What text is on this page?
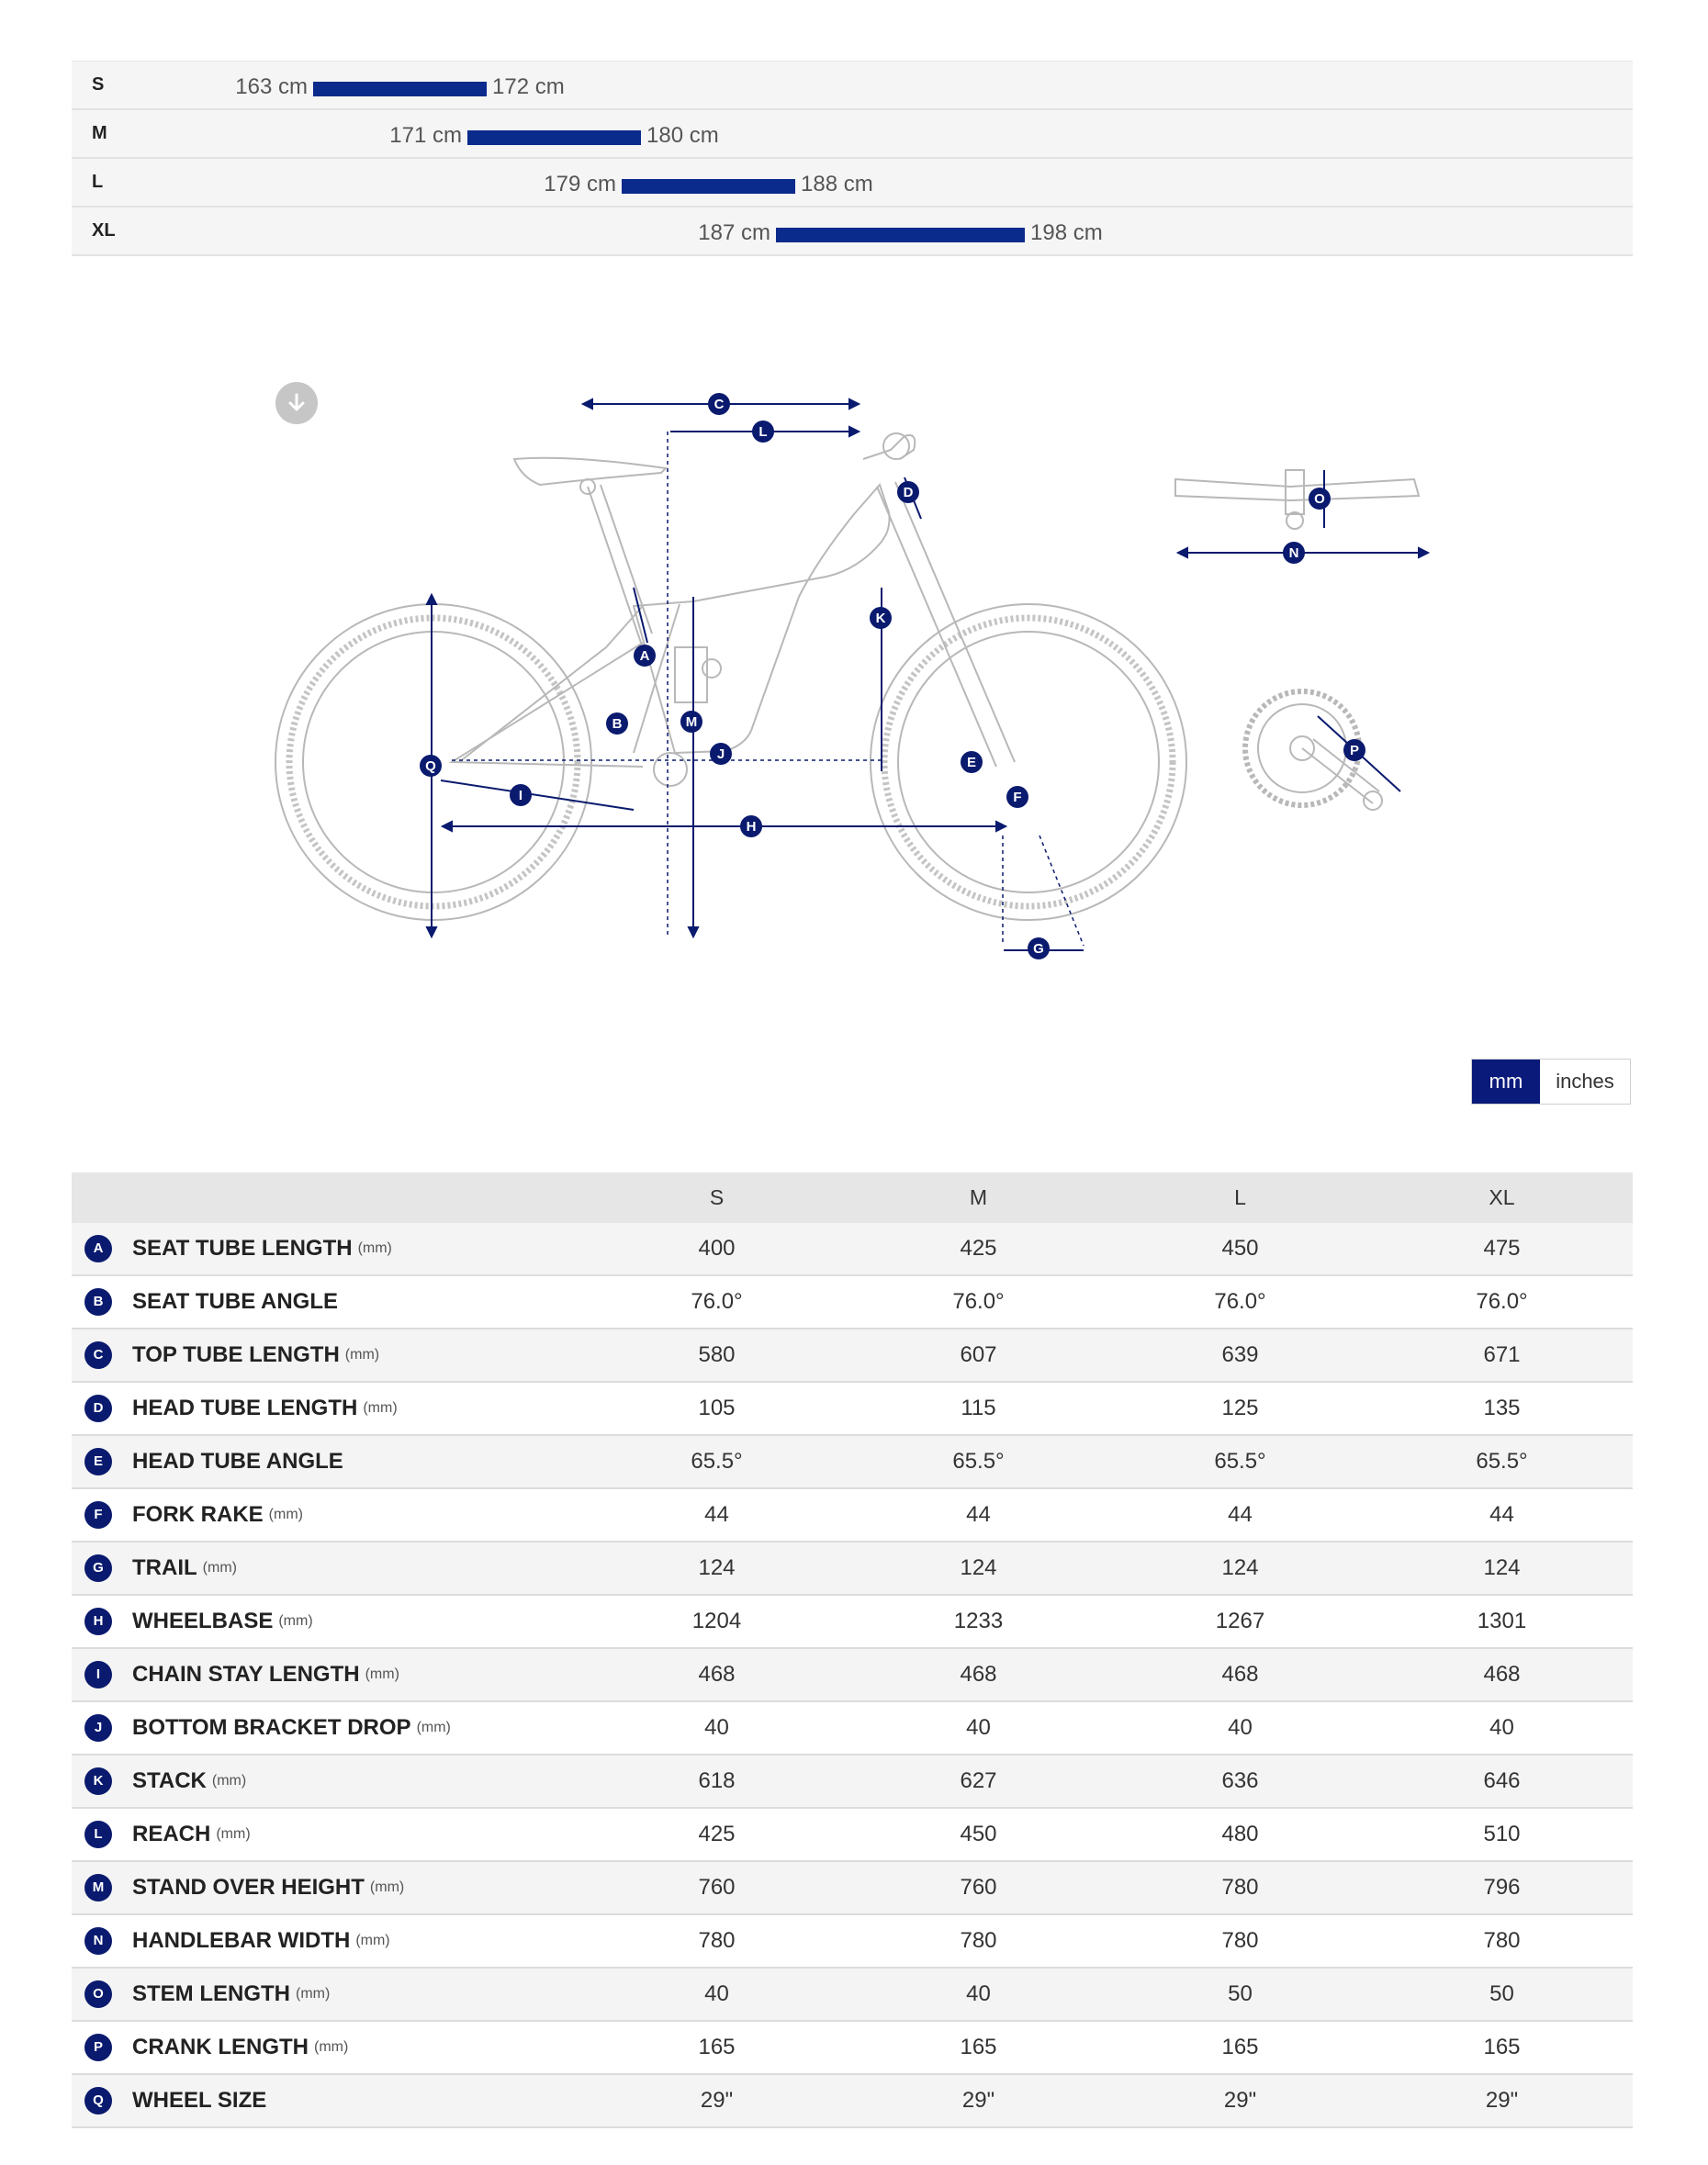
S	163 cm	172 cm
M	171 cm	180 cm
L	179 cm	188 cm
XL	187 cm	198 cm
A
B
C
D
E
F
G
H
I
J
K
L
M
N
O
P
Q
mm	inches
	S	M	L	XL
A SEAT TUBE LENGTH (mm)	400	425	450	475
B SEAT TUBE ANGLE	76.0°	76.0°	76.0°	76.0°
C TOP TUBE LENGTH (mm)	580	607	639	671
D HEAD TUBE LENGTH (mm)	105	115	125	135
E HEAD TUBE ANGLE	65.5°	65.5°	65.5°	65.5°
F FORK RAKE (mm)	44	44	44	44
G TRAIL (mm)	124	124	124	124
H WHEELBASE (mm)	1204	1233	1267	1301
I CHAIN STAY LENGTH (mm)	468	468	468	468
J BOTTOM BRACKET DROP (mm)	40	40	40	40
K STACK (mm)	618	627	636	646
L REACH (mm)	425	450	480	510
M STAND OVER HEIGHT (mm)	760	760	780	796
N HANDLEBAR WIDTH (mm)	780	780	780	780
O STEM LENGTH (mm)	40	40	50	50
P CRANK LENGTH (mm)	165	165	165	165
Q WHEEL SIZE	29"	29"	29"	29"
